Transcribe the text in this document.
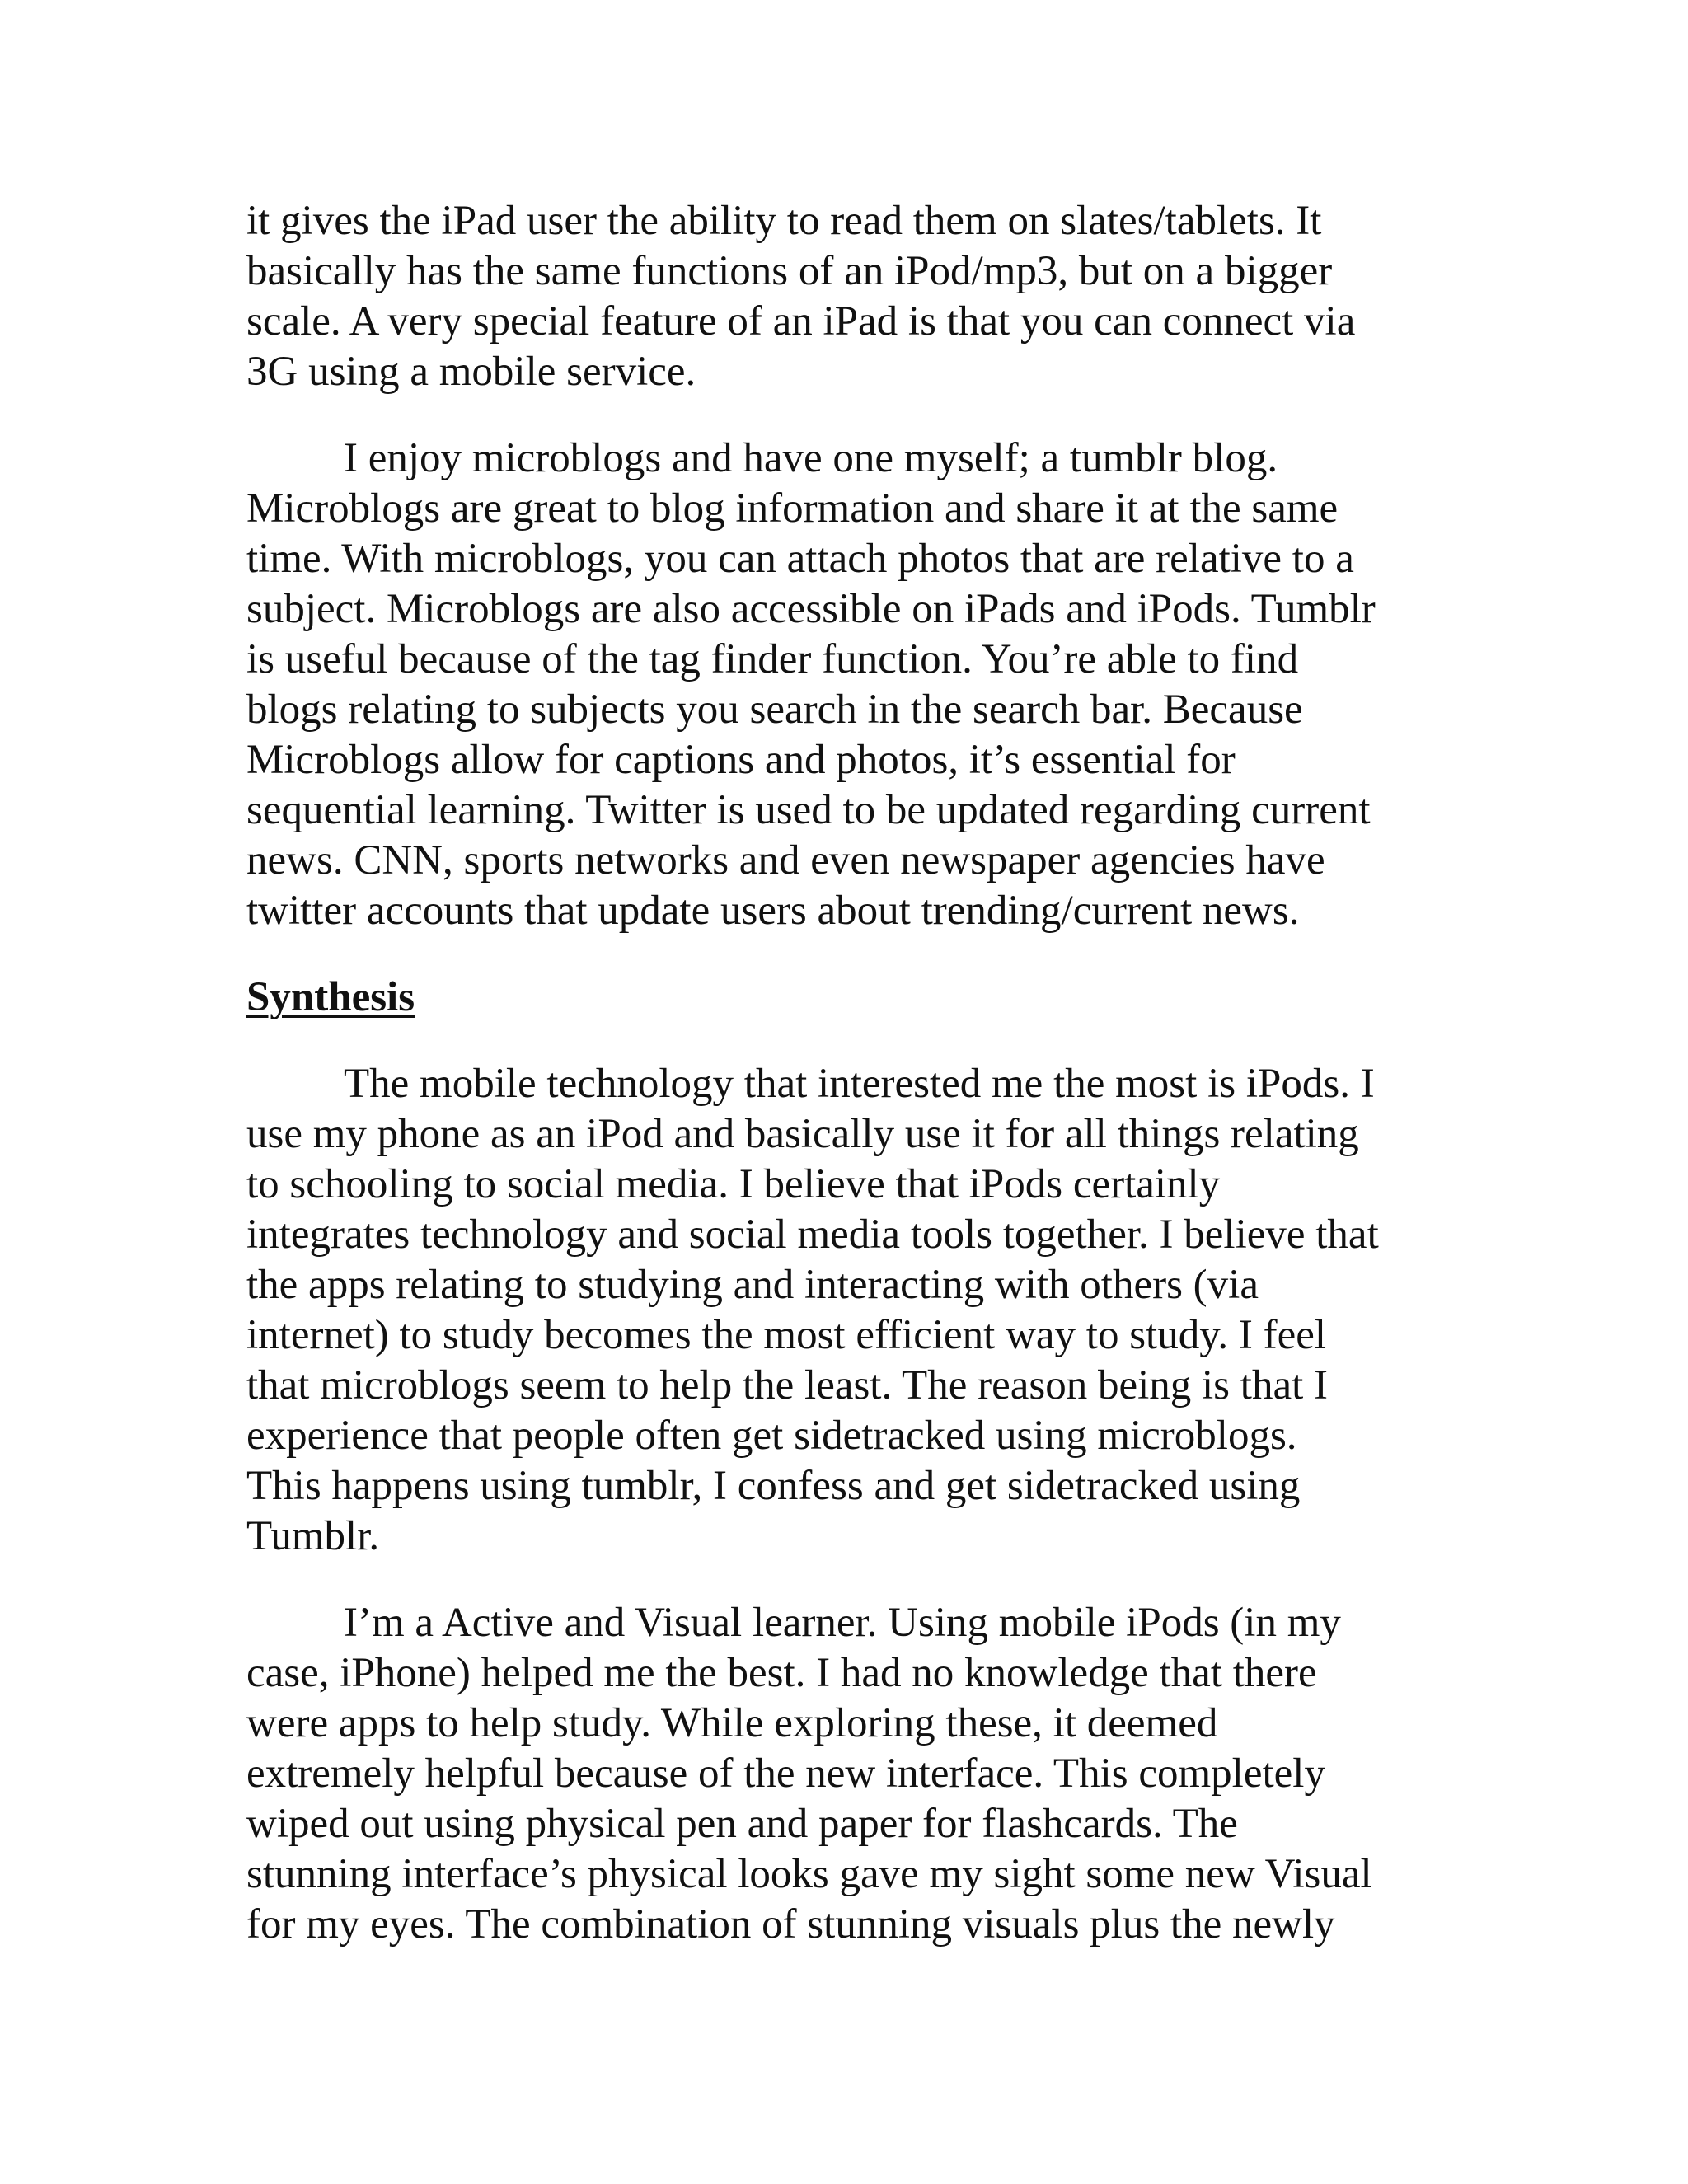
it gives the iPad user the ability to read them on slates/tablets. It
basically has the same functions of an iPod/mp3, but on a bigger
scale. A very special feature of an iPad is that you can connect via
3G using a mobile service.
I enjoy microblogs and have one myself; a tumblr blog.
Microblogs are great to blog information and share it at the same
time. With microblogs, you can attach photos that are relative to a
subject. Microblogs are also accessible on iPads and iPods. Tumblr
is useful because of the tag finder function. You’re able to find
blogs relating to subjects you search in the search bar. Because
Microblogs allow for captions and photos, it’s essential for
sequential learning. Twitter is used to be updated regarding current
news. CNN, sports networks and even newspaper agencies have
twitter accounts that update users about trending/current news.
Synthesis
The mobile technology that interested me the most is iPods. I
use my phone as an iPod and basically use it for all things relating
to schooling to social media. I believe that iPods certainly
integrates technology and social media tools together. I believe that
the apps relating to studying and interacting with others (via
internet) to study becomes the most efficient way to study. I feel
that microblogs seem to help the least. The reason being is that I
experience that people often get sidetracked using microblogs.
This happens using tumblr, I confess and get sidetracked using
Tumblr.
I’m a Active and Visual learner. Using mobile iPods (in my
case, iPhone) helped me the best. I had no knowledge that there
were apps to help study. While exploring these, it deemed
extremely helpful because of the new interface. This completely
wiped out using physical pen and paper for flashcards. The
stunning interface’s physical looks gave my sight some new Visual
for my eyes. The combination of stunning visuals plus the newly
